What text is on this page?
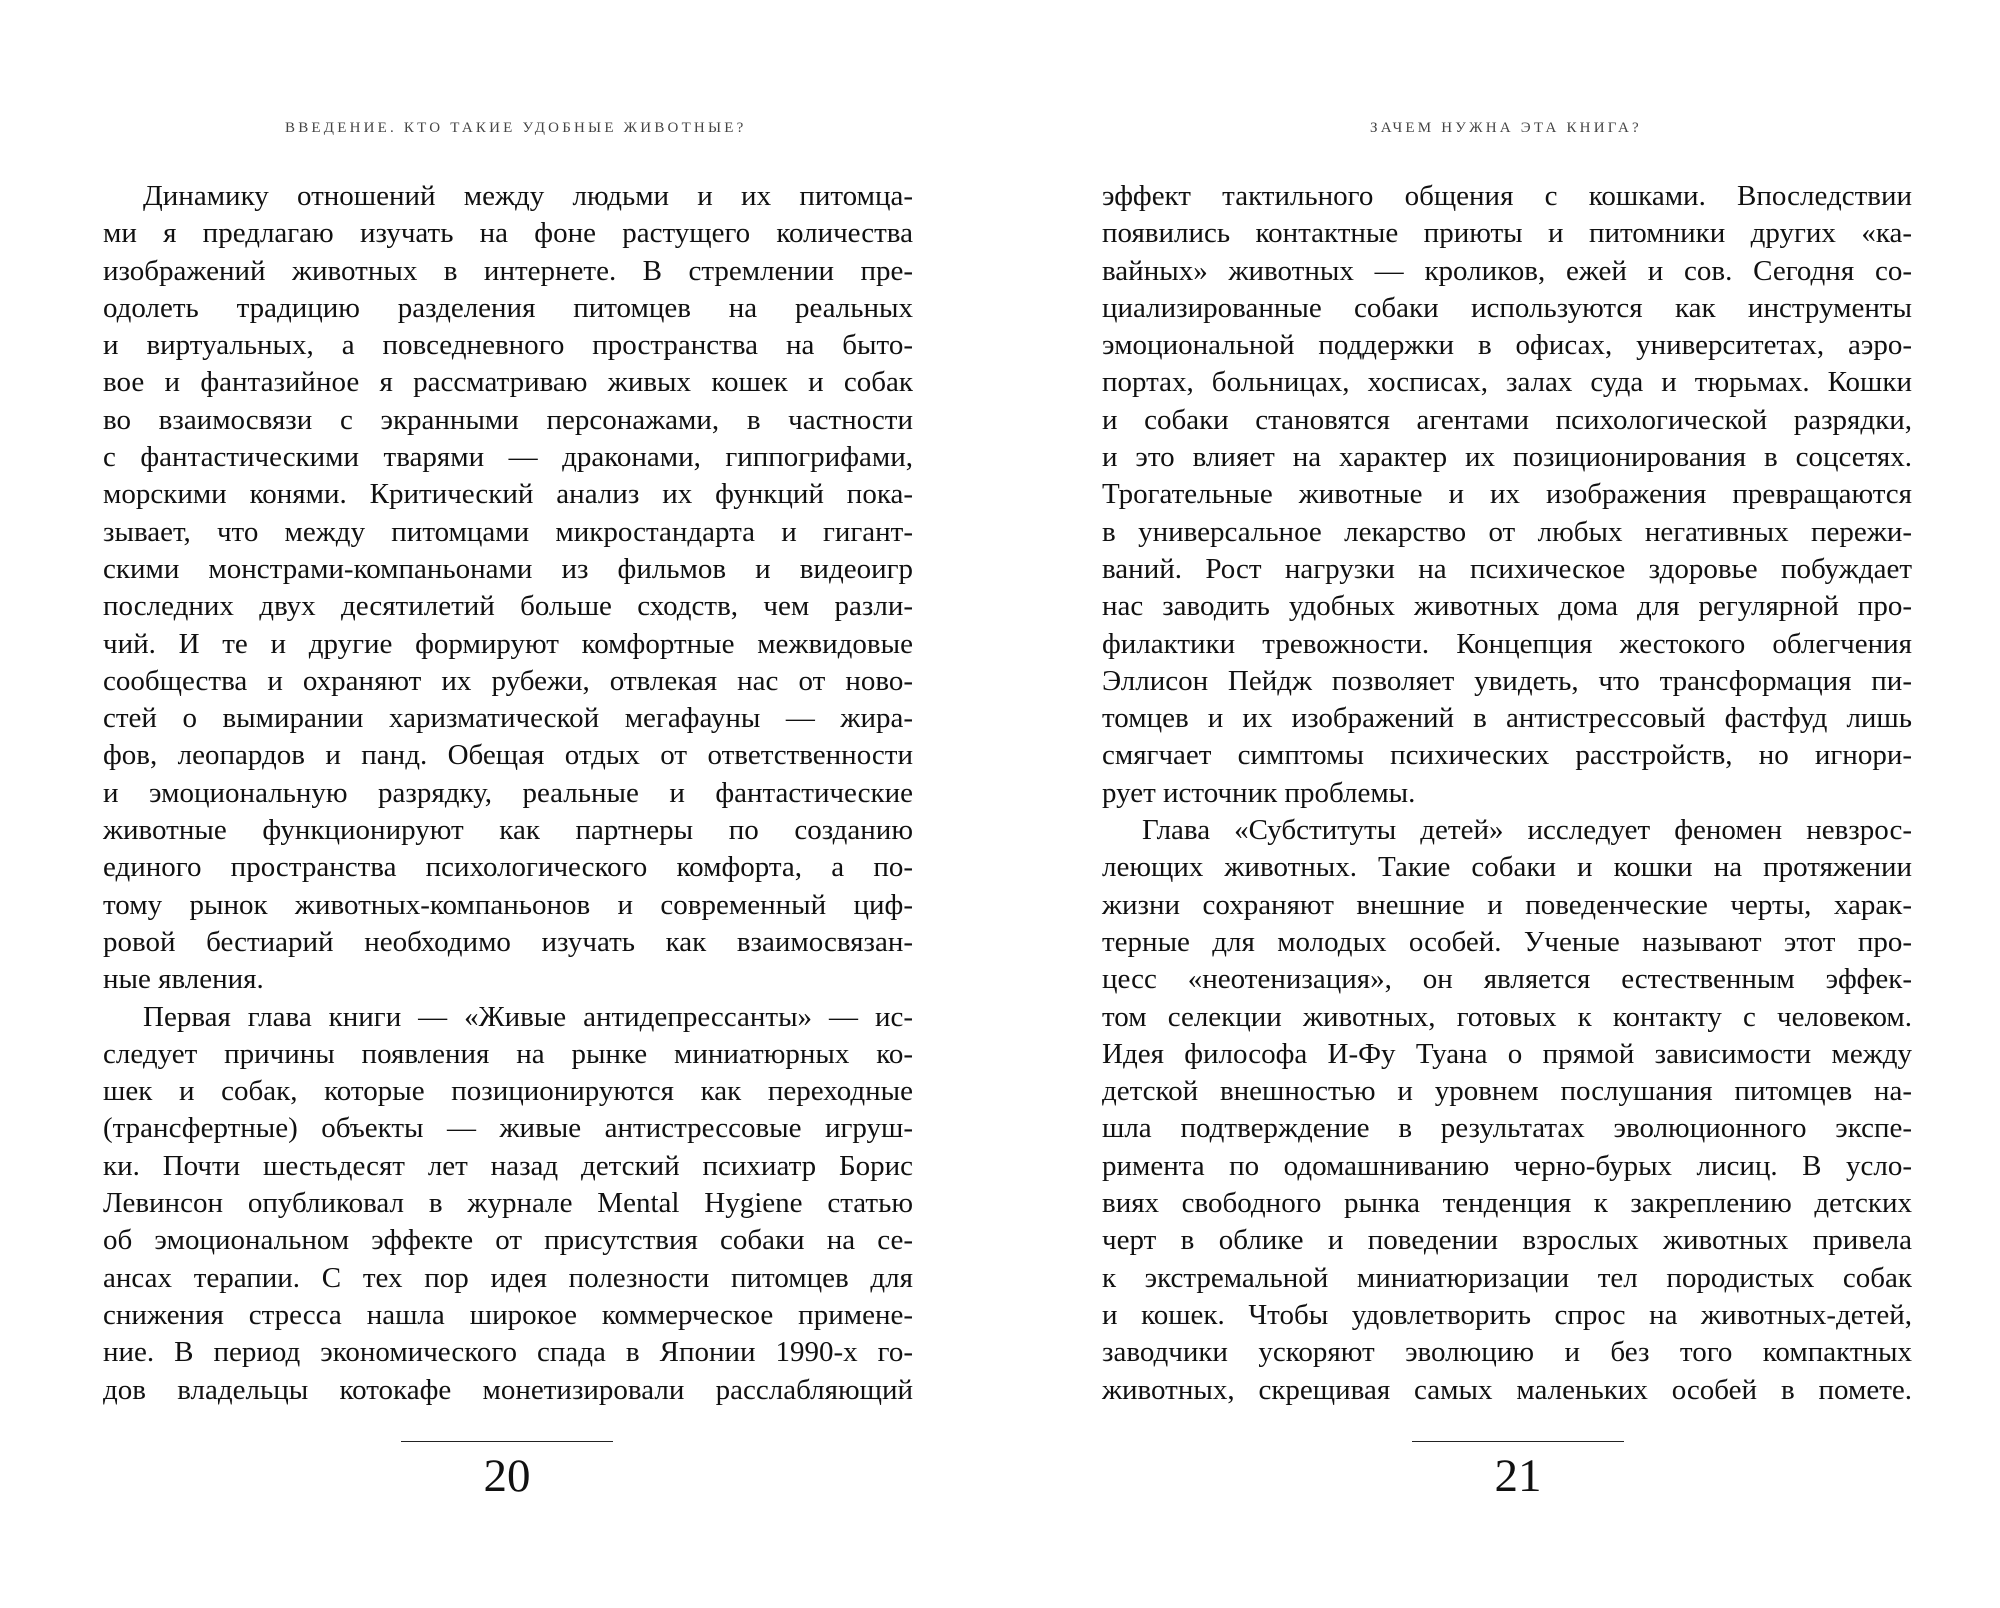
ВВЕДЕНИЕ. КТО ТАКИЕ УДОБНЫЕ ЖИВОТНЫЕ?
Динамику отношений между людьми и их питомца-
ми я предлагаю изучать на фоне растущего количества
изображений животных в интернете. В стремлении пре-
одолеть традицию разделения питомцев на реальных
и виртуальных, а повседневного пространства на быто-
вое и фантазийное я рассматриваю живых кошек и собак
во взаимосвязи с экранными персонажами, в частности
с фантастическими тварями — драконами, гиппогрифами,
морскими конями. Критический анализ их функций пока-
зывает, что между питомцами микростандарта и гигант-
скими монстрами-компаньонами из фильмов и видеоигр
последних двух десятилетий больше сходств, чем разли-
чий. И те и другие формируют комфортные межвидовые
сообщества и охраняют их рубежи, отвлекая нас от ново-
стей о вымирании харизматической мегафауны — жира-
фов, леопардов и панд. Обещая отдых от ответственности
и эмоциональную разрядку, реальные и фантастические
животные функционируют как партнеры по созданию
единого пространства психологического комфорта, а по-
тому рынок животных-компаньонов и современный циф-
ровой бестиарий необходимо изучать как взаимосвязан-
ные явления.
Первая глава книги — «Живые антидепрессанты» — ис-
следует причины появления на рынке миниатюрных ко-
шек и собак, которые позиционируются как переходные
(трансфертные) объекты — живые антистрессовые игруш-
ки. Почти шестьдесят лет назад детский психиатр Борис
Левинсон опубликовал в журнале Mental Hygiene статью
об эмоциональном эффекте от присутствия собаки на се-
ансах терапии. С тех пор идея полезности питомцев для
снижения стресса нашла широкое коммерческое примене-
ние. В период экономического спада в Японии 1990-х го-
дов владельцы котокафе монетизировали расслабляющий
20
ЗАЧЕМ НУЖНА ЭТА КНИГА?
эффект тактильного общения с кошками. Впоследствии
появились контактные приюты и питомники других «ка-
вайных» животных — кроликов, ежей и сов. Сегодня со-
циализированные собаки используются как инструменты
эмоциональной поддержки в офисах, университетах, аэро-
портах, больницах, хосписах, залах суда и тюрьмах. Кошки
и собаки становятся агентами психологической разрядки,
и это влияет на характер их позиционирования в соцсетях.
Трогательные животные и их изображения превращаются
в универсальное лекарство от любых негативных пережи-
ваний. Рост нагрузки на психическое здоровье побуждает
нас заводить удобных животных дома для регулярной про-
филактики тревожности. Концепция жестокого облегчения
Эллисон Пейдж позволяет увидеть, что трансформация пи-
томцев и их изображений в антистрессовый фастфуд лишь
смягчает симптомы психических расстройств, но игнори-
рует источник проблемы.
Глава «Субституты детей» исследует феномен невзрос-
леющих животных. Такие собаки и кошки на протяжении
жизни сохраняют внешние и поведенческие черты, харак-
терные для молодых особей. Ученые называют этот про-
цесс «неотенизация», он является естественным эффек-
том селекции животных, готовых к контакту с человеком.
Идея философа И-Фу Туана о прямой зависимости между
детской внешностью и уровнем послушания питомцев на-
шла подтверждение в результатах эволюционного экспе-
римента по одомашниванию черно-бурых лисиц. В усло-
виях свободного рынка тенденция к закреплению детских
черт в облике и поведении взрослых животных привела
к экстремальной миниатюризации тел породистых собак
и кошек. Чтобы удовлетворить спрос на животных-детей,
заводчики ускоряют эволюцию и без того компактных
животных, скрещивая самых маленьких особей в помете.
21
